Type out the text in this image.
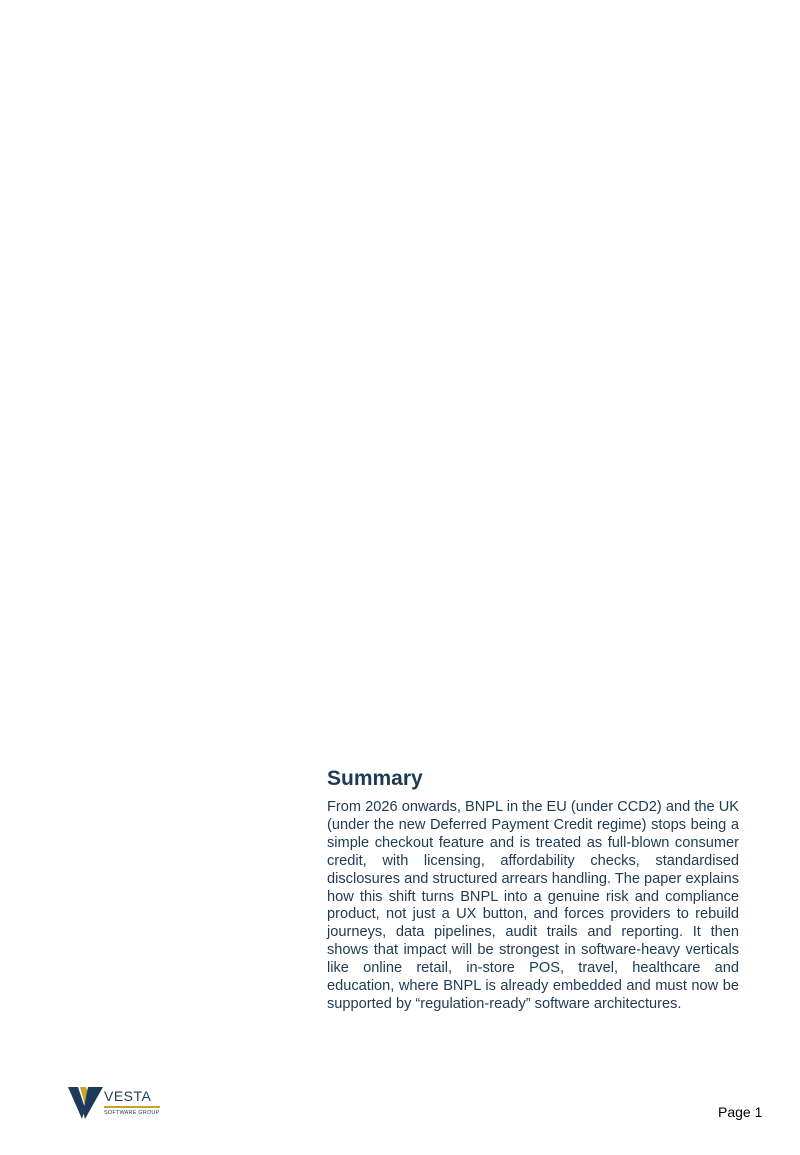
Summary

From 2026 onwards, BNPL in the EU (under CCD2) and the UK (under the new Deferred Payment Credit regime) stops being a simple checkout feature and is treated as full-blown consumer credit, with licensing, affordability checks, standardised disclosures and structured arrears handling. The paper explains how this shift turns BNPL into a genuine risk and compliance product, not just a UX button, and forces providers to rebuild journeys, data pipelines, audit trails and reporting. It then shows that impact will be strongest in software-heavy verticals like online retail, in-store POS, travel, healthcare and education, where BNPL is already embedded and must now be supported by “regulation-ready” software architectures.

VESTA
SOFTWARE GROUP	Page 1
